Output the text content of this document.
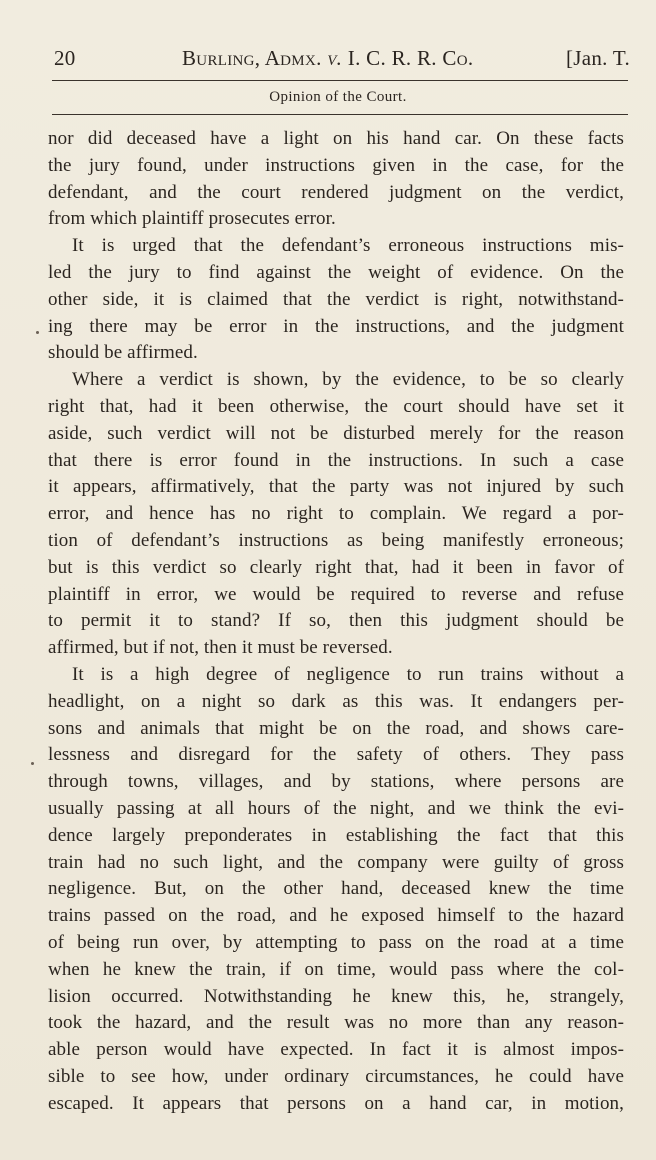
20	Burling, Admx. v. I. C. R. R. Co.	[Jan. T.
Opinion of the Court.
nor did deceased have a light on his hand car. On these facts
the jury found, under instructions given in the case, for the
defendant, and the court rendered judgment on the verdict,
from which plaintiff prosecutes error.
It is urged that the defendant’s erroneous instructions mis-
led the jury to find against the weight of evidence. On the
other side, it is claimed that the verdict is right, notwithstand-
ing there may be error in the instructions, and the judgment
should be affirmed.
Where a verdict is shown, by the evidence, to be so clearly
right that, had it been otherwise, the court should have set it
aside, such verdict will not be disturbed merely for the reason
that there is error found in the instructions. In such a case
it appears, affirmatively, that the party was not injured by such
error, and hence has no right to complain. We regard a por-
tion of defendant’s instructions as being manifestly erroneous;
but is this verdict so clearly right that, had it been in favor of
plaintiff in error, we would be required to reverse and refuse
to permit it to stand? If so, then this judgment should be
affirmed, but if not, then it must be reversed.
It is a high degree of negligence to run trains without a
headlight, on a night so dark as this was. It endangers per-
sons and animals that might be on the road, and shows care-
lessness and disregard for the safety of others. They pass
through towns, villages, and by stations, where persons are
usually passing at all hours of the night, and we think the evi-
dence largely preponderates in establishing the fact that this
train had no such light, and the company were guilty of gross
negligence. But, on the other hand, deceased knew the time
trains passed on the road, and he exposed himself to the hazard
of being run over, by attempting to pass on the road at a time
when he knew the train, if on time, would pass where the col-
lision occurred. Notwithstanding he knew this, he, strangely,
took the hazard, and the result was no more than any reason-
able person would have expected. In fact it is almost impos-
sible to see how, under ordinary circumstances, he could have
escaped. It appears that persons on a hand car, in motion,
